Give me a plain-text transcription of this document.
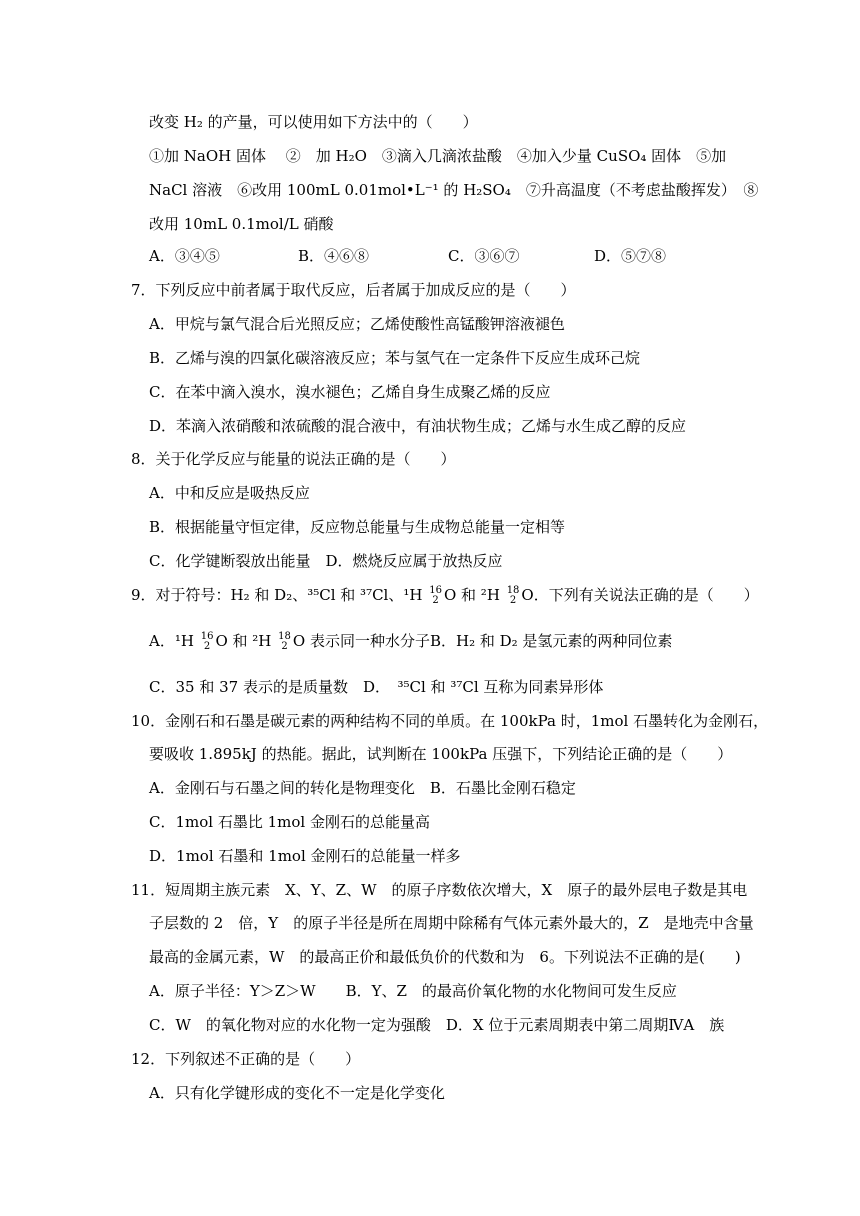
改变 H₂ 的产量，可以使用如下方法中的（　　）
①加 NaOH 固体　 ②　加 H₂O　③滴入几滴浓盐酸　④加入少量 CuSO₄ 固体　⑤加
NaCl 溶液　⑥改用 100mL 0.01mol•L⁻¹ 的 H₂SO₄　⑦升高温度（不考虑盐酸挥发）　⑧
改用 10mL 0.1mol/L 硝酸
A．③④⑤	B．④⑥⑧	C．③⑥⑦	D．⑤⑦⑧
7．下列反应中前者属于取代反应，后者属于加成反应的是（　　）
A．甲烷与氯气混合后光照反应；乙烯使酸性高锰酸钾溶液褪色
B．乙烯与溴的四氯化碳溶液反应；苯与氢气在一定条件下反应生成环己烷
C．在苯中滴入溴水，溴水褪色；乙烯自身生成聚乙烯的反应
D．苯滴入浓硝酸和浓硫酸的混合液中，有油状物生成；乙烯与水生成乙醇的反应
8．关于化学反应与能量的说法正确的是（　　）
A．中和反应是吸热反应
B．根据能量守恒定律，反应物总能量与生成物总能量一定相等
C．化学键断裂放出能量　D．燃烧反应属于放热反应
9．对于符号：H₂ 和 D₂、³⁵Cl 和 ³⁷Cl、¹H 16
2 O 和 ²H 18
2 O．下列有关说法正确的是（　　）
A．¹H 16
2 O 和 ²H 18
2 O 表示同一种水分子B．H₂ 和 D₂ 是氢元素的两种同位素
C．35 和 37 表示的是质量数　D．　³⁵Cl 和 ³⁷Cl 互称为同素异形体
10．金刚石和石墨是碳元素的两种结构不同的单质。在 100kPa 时，1mol 石墨转化为金刚石，
要吸收 1.895kJ 的热能。据此，试判断在 100kPa 压强下，下列结论正确的是（　　）
A．金刚石与石墨之间的转化是物理变化　B．石墨比金刚石稳定
C．1mol 石墨比 1mol 金刚石的总能量高
D．1mol 石墨和 1mol 金刚石的总能量一样多
11．短周期主族元素　X、Y、Z、W　的原子序数依次增大，X　原子的最外层电子数是其电
子层数的 2　倍，Y　的原子半径是所在周期中除稀有气体元素外最大的，Z　是地壳中含量
最高的金属元素，W　的最高正价和最低负价的代数和为　6。下列说法不正确的是(　　)
A．原子半径：Y＞Z＞W　　B．Y、Z　的最高价氧化物的水化物间可发生反应
C．W　的氧化物对应的水化物一定为强酸　D．X 位于元素周期表中第二周期ⅣA　族
12．下列叙述不正确的是（　　）
A．只有化学键形成的变化不一定是化学变化
